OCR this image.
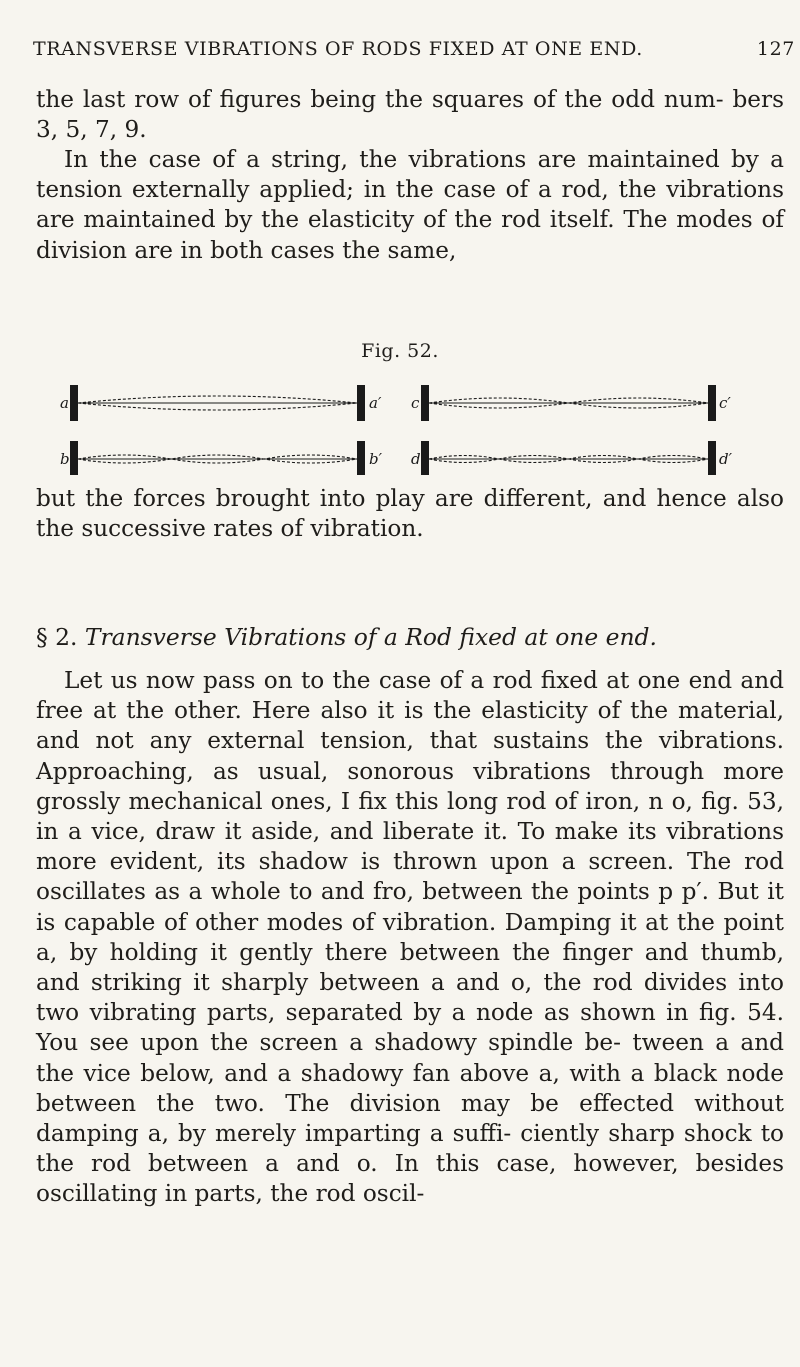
TRANSVERSE VIBRATIONS OF RODS FIXED AT ONE END.	127

the last row of figures being the squares of the odd num- bers 3, 5, 7, 9.

In the case of a string, the vibrations are maintained by a tension externally applied; in the case of a rod, the vibrations are maintained by the elasticity of the rod itself. The modes of division are in both cases the same,

Fig. 52.
a	a′ c	c′
b	b′ d	d′

but the forces brought into play are different, and hence also the successive rates of vibration.

§ 2. Transverse Vibrations of a Rod fixed at one end.

Let us now pass on to the case of a rod fixed at one end and free at the other. Here also it is the elasticity of the material, and not any external tension, that sustains the vibrations. Approaching, as usual, sonorous vibrations through more grossly mechanical ones, I fix this long rod of iron, n o, fig. 53, in a vice, draw it aside, and liberate it. To make its vibrations more evident, its shadow is thrown upon a screen. The rod oscillates as a whole to and fro, between the points p p′. But it is capable of other modes of vibration. Damping it at the point a, by holding it gently there between the finger and thumb, and striking it sharply between a and o, the rod divides into two vibrating parts, separated by a node as shown in fig. 54. You see upon the screen a shadowy spindle be- tween a and the vice below, and a shadowy fan above a, with a black node between the two. The division may be effected without damping a, by merely imparting a suffi- ciently sharp shock to the rod between a and o. In this case, however, besides oscillating in parts, the rod oscil-
